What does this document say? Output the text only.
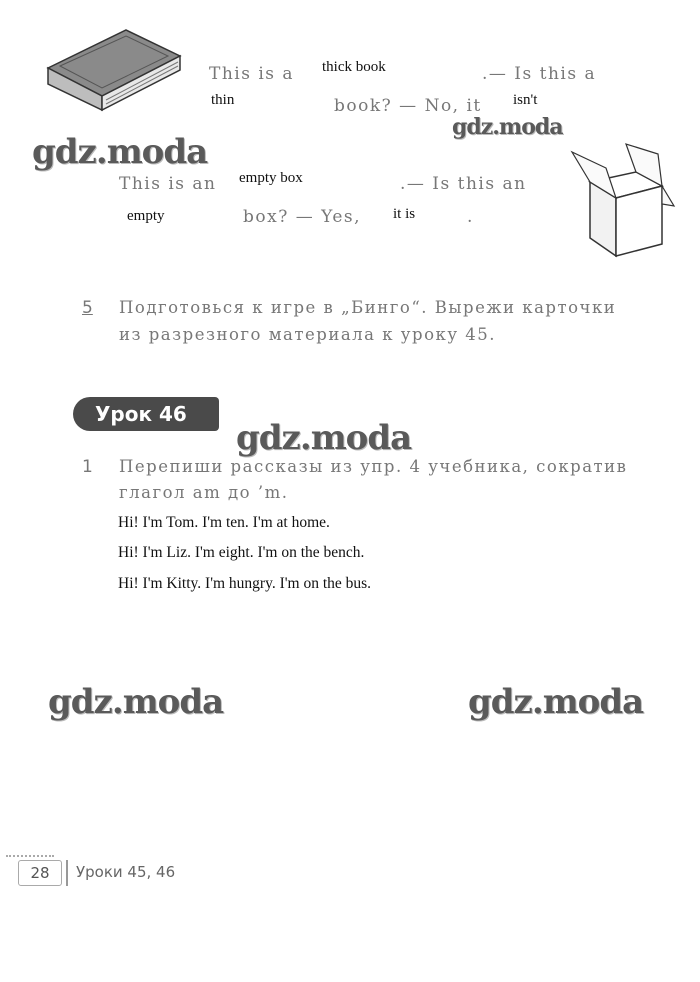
This is a thick book	.— Is this a
thin	book? — No, it isn't
This is an empty box	.— Is this an
empty	box? — Yes, it is	.
gdz.moda
gdz.moda
gdz.moda
gdz.moda	gdz.moda
5 Подготовься к игре в „Бинго“. Вырежи карточки
из разрезного материала к уроку 45.
Урок 46
1 Перепиши рассказы из упр. 4 учебника, сократив
глагол am до ’m.
Hi! I'm Tom. I'm ten. I'm at home.
Hi! I'm Liz. I'm eight. I'm on the bench.
Hi! I'm Kitty. I'm hungry. I'm on the bus.
28	Уроки 45, 46
